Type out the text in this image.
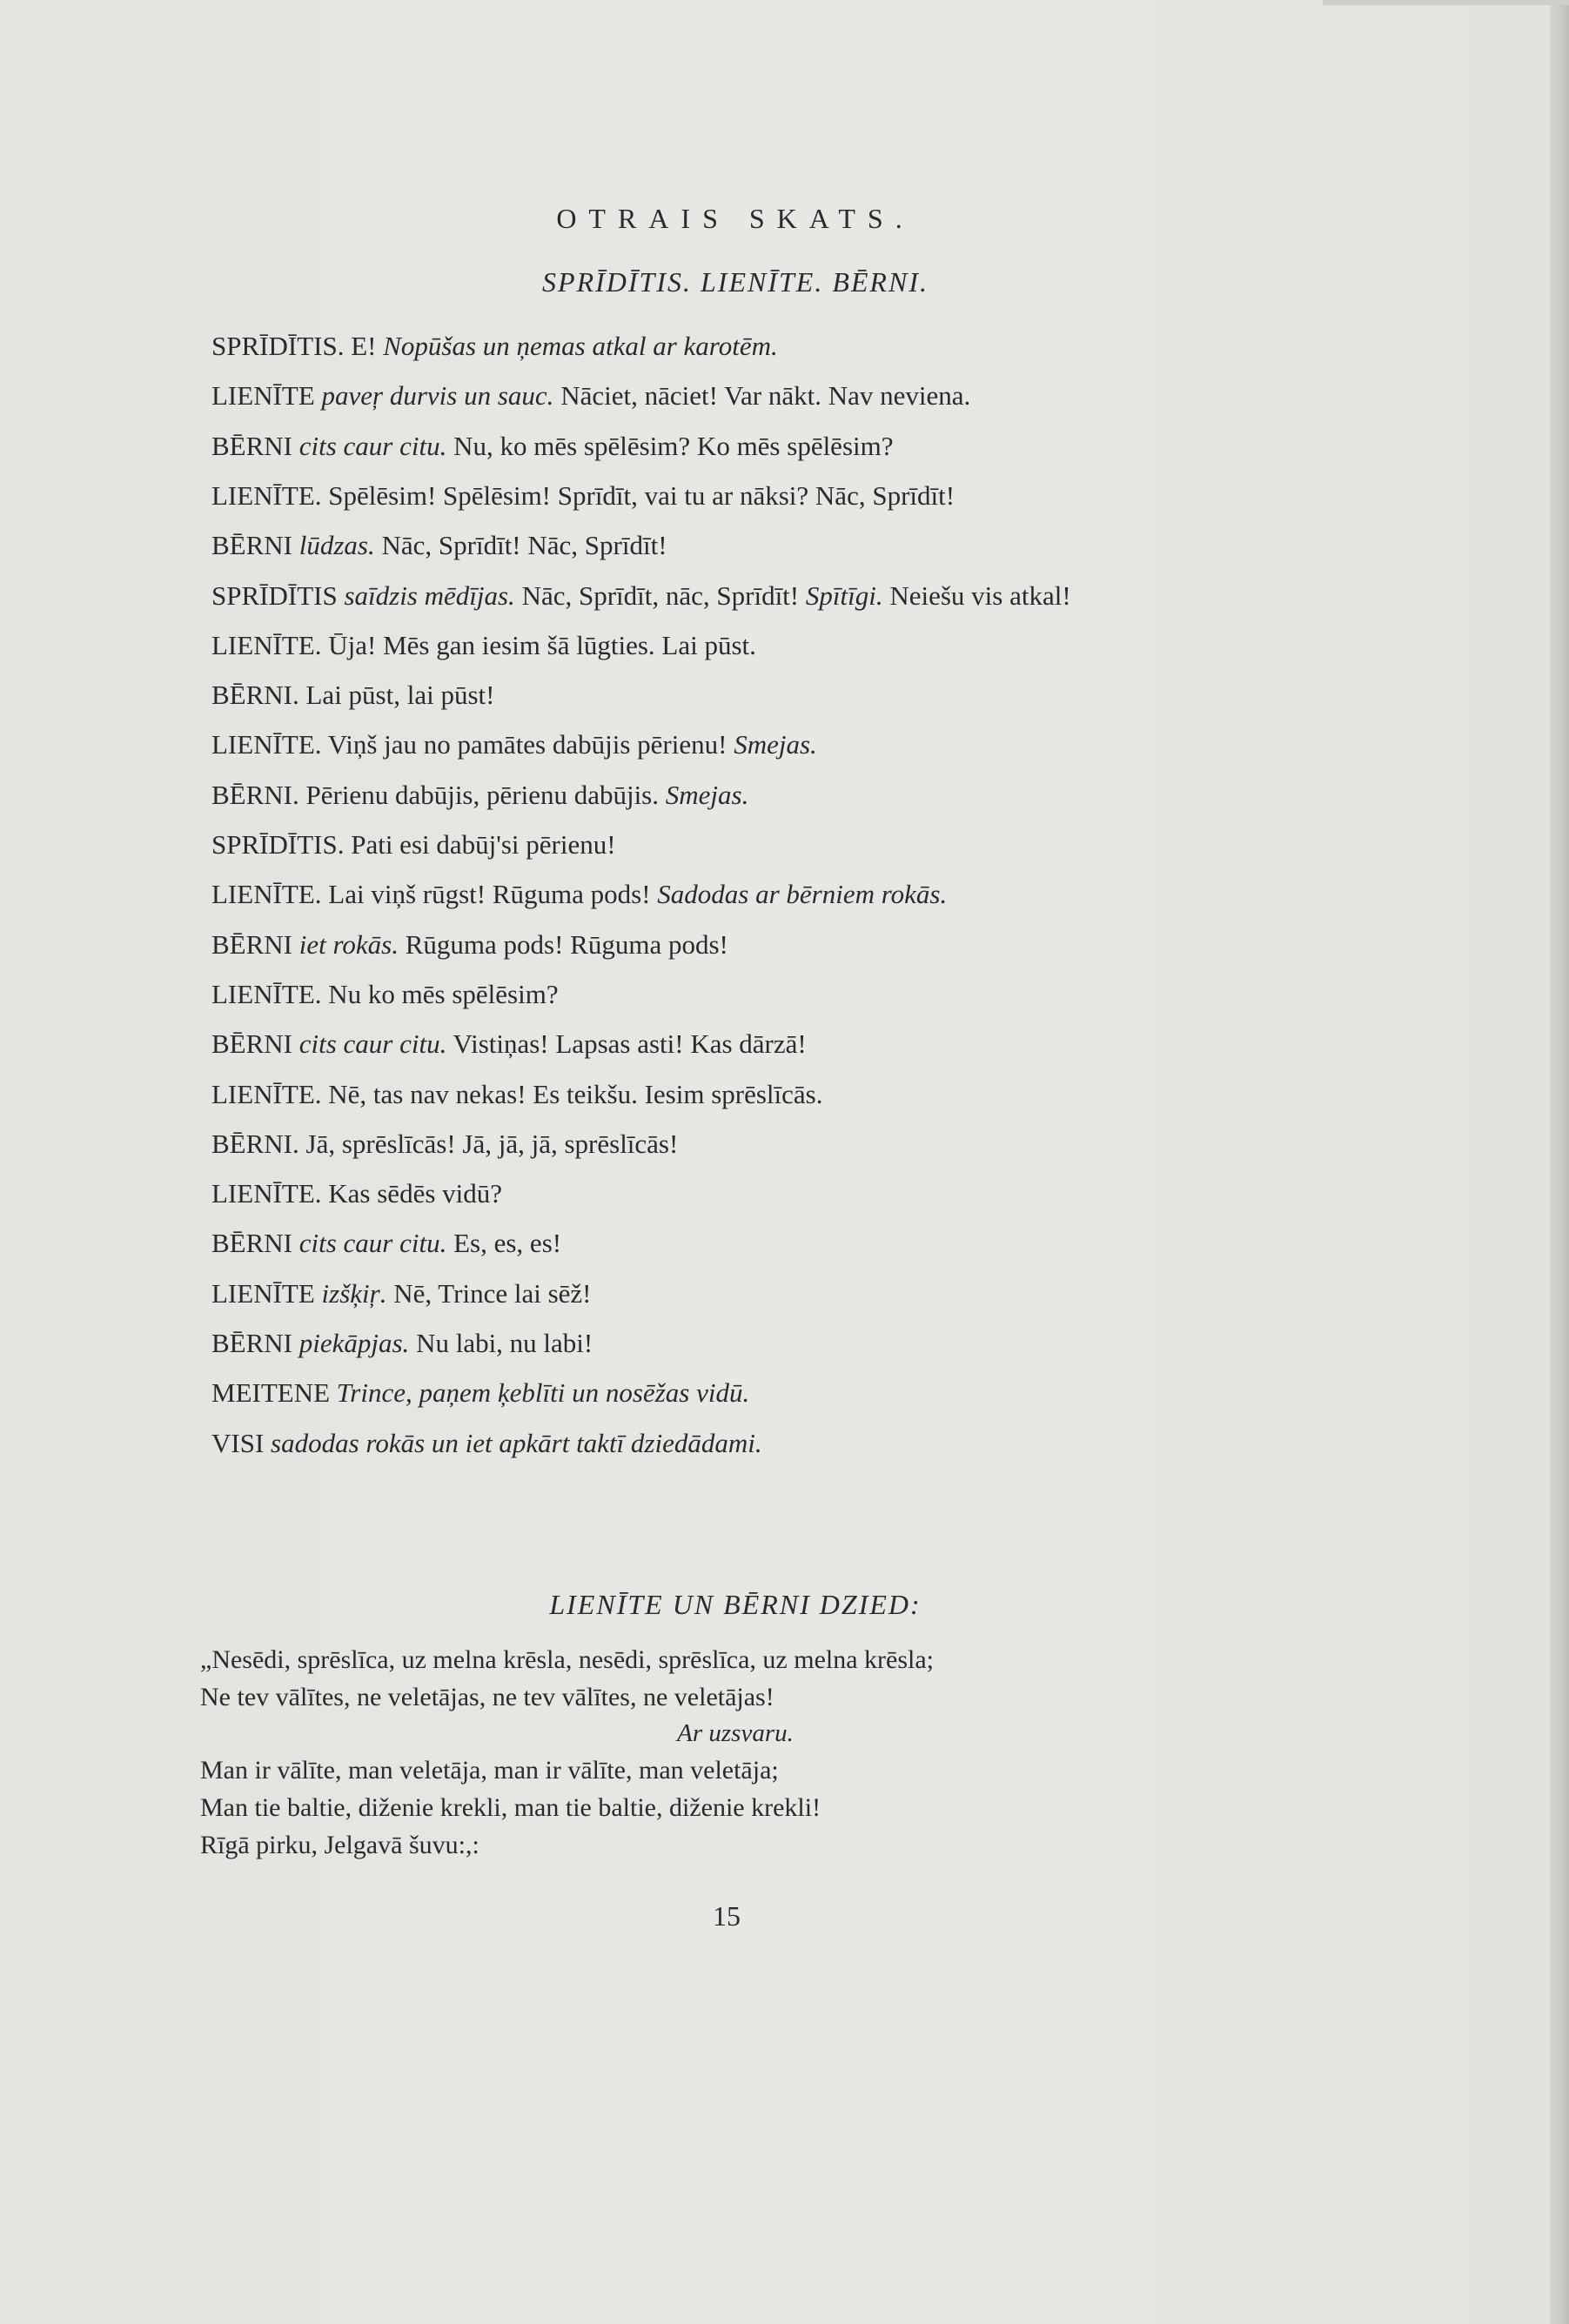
OTRAIS SKATS.
SPRĪDĪTIS. LIENĪTE. BĒRNI.
SPRĪDĪTIS. E! Nopūšas un ņemas atkal ar karotēm.
LIENĪTE paveŗ durvis un sauc. Nāciet, nāciet! Var nākt. Nav neviena.
BĒRNI cits caur citu. Nu, ko mēs spēlēsim? Ko mēs spēlēsim?
LIENĪTE. Spēlēsim! Spēlēsim! Sprīdīt, vai tu ar nāksi? Nāc, Sprīdīt!
BĒRNI lūdzas. Nāc, Sprīdīt! Nāc, Sprīdīt!
SPRĪDĪTIS saīdzis mēdījas. Nāc, Sprīdīt, nāc, Sprīdīt! Spītīgi. Neiešu vis atkal!
LIENĪTE. Ūja! Mēs gan iesim šā lūgties. Lai pūst.
BĒRNI. Lai pūst, lai pūst!
LIENĪTE. Viņš jau no pamātes dabūjis pērienu! Smejas.
BĒRNI. Pērienu dabūjis, pērienu dabūjis. Smejas.
SPRĪDĪTIS. Pati esi dabūj'si pērienu!
LIENĪTE. Lai viņš rūgst! Rūguma pods! Sadodas ar bērniem rokās.
BĒRNI iet rokās. Rūguma pods! Rūguma pods!
LIENĪTE. Nu ko mēs spēlēsim?
BĒRNI cits caur citu. Vistiņas! Lapsas asti! Kas dārzā!
LIENĪTE. Nē, tas nav nekas! Es teikšu. Iesim sprēslīcās.
BĒRNI. Jā, sprēslīcās! Jā, jā, jā, sprēslīcās!
LIENĪTE. Kas sēdēs vidū?
BĒRNI cits caur citu. Es, es, es!
LIENĪTE izšķiŗ. Nē, Trince lai sēž!
BĒRNI piekāpjas. Nu labi, nu labi!
MEITENE Trince, paņem ķeblīti un nosēžas vidū.
VISI sadodas rokās un iet apkārt taktī dziedādami.
LIENĪTE UN BĒRNI DZIED:
„Nesēdi, sprēslīca, uz melna krēsla, nesēdi, sprēslīca, uz melna krēsla;
Ne tev vālītes, ne veletājas, ne tev vālītes, ne veletājas!
Ar uzsvaru.
Man ir vālīte, man veletāja, man ir vālīte, man veletāja;
Man tie baltie, diženie krekli, man tie baltie, diženie krekli!
Rīgā pirku, Jelgavā šuvu:,:
15
